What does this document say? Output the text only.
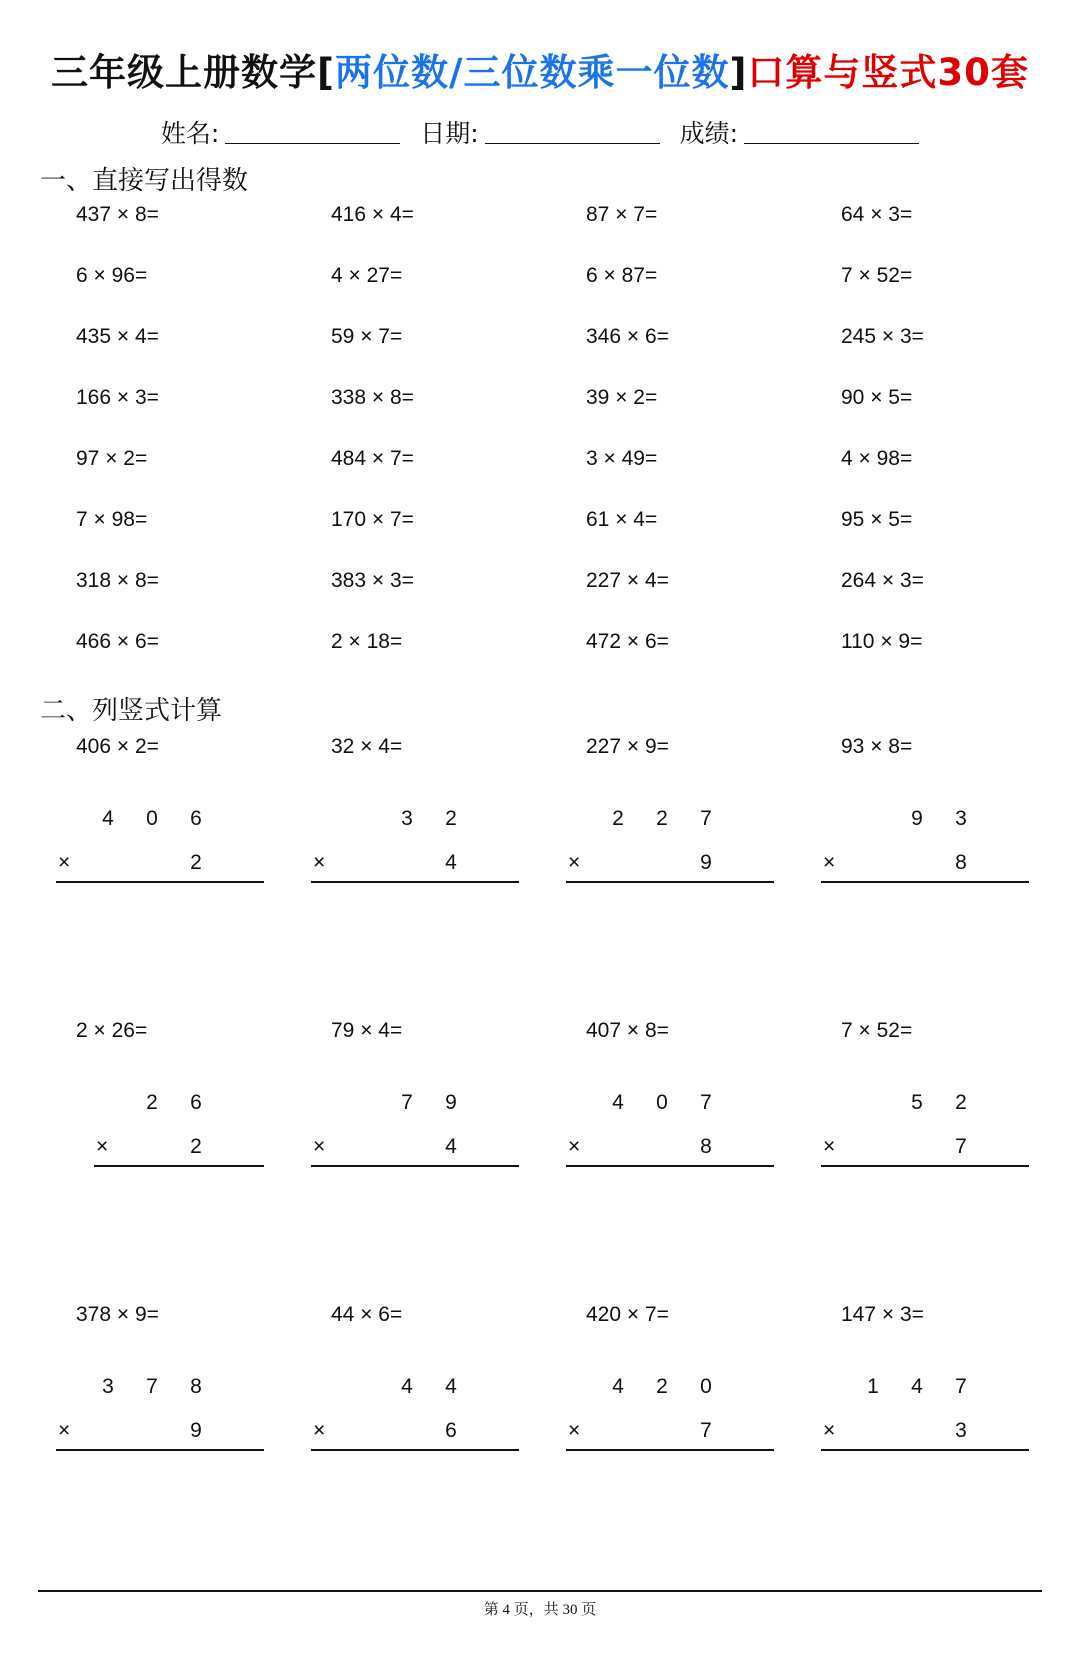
三年级上册数学[两位数/三位数乘一位数]口算与竖式30套
姓名:	日期:	成绩:
一、直接写出得数
437 × 8=	416 × 4=	87 × 7=	64 × 3=
6 × 96=	4 × 27=	6 × 87=	7 × 52=
435 × 4=	59 × 7=	346 × 6=	245 × 3=
166 × 3=	338 × 8=	39 × 2=	90 × 5=
97 × 2=	484 × 7=	3 × 49=	4 × 98=
7 × 98=	170 × 7=	61 × 4=	95 × 5=
318 × 8=	383 × 3=	227 × 4=	264 × 3=
466 × 6=	2 × 18=	472 × 6=	110 × 9=
二、列竖式计算
406 × 2=
4 0 6
×	2
32 × 4=
3 2
×	4
227 × 9=
2 2 7
×	9
93 × 8=
9 3
×	8
2 × 26=
2 6
×	2
79 × 4=
7 9
×	4
407 × 8=
4 0 7
×	8
7 × 52=
5 2
×	7
378 × 9=
3 7 8
×	9
44 × 6=
4 4
×	6
420 × 7=
4 2 0
×	7
147 × 3=
1 4 7
×	3
第 4 页，共 30 页
